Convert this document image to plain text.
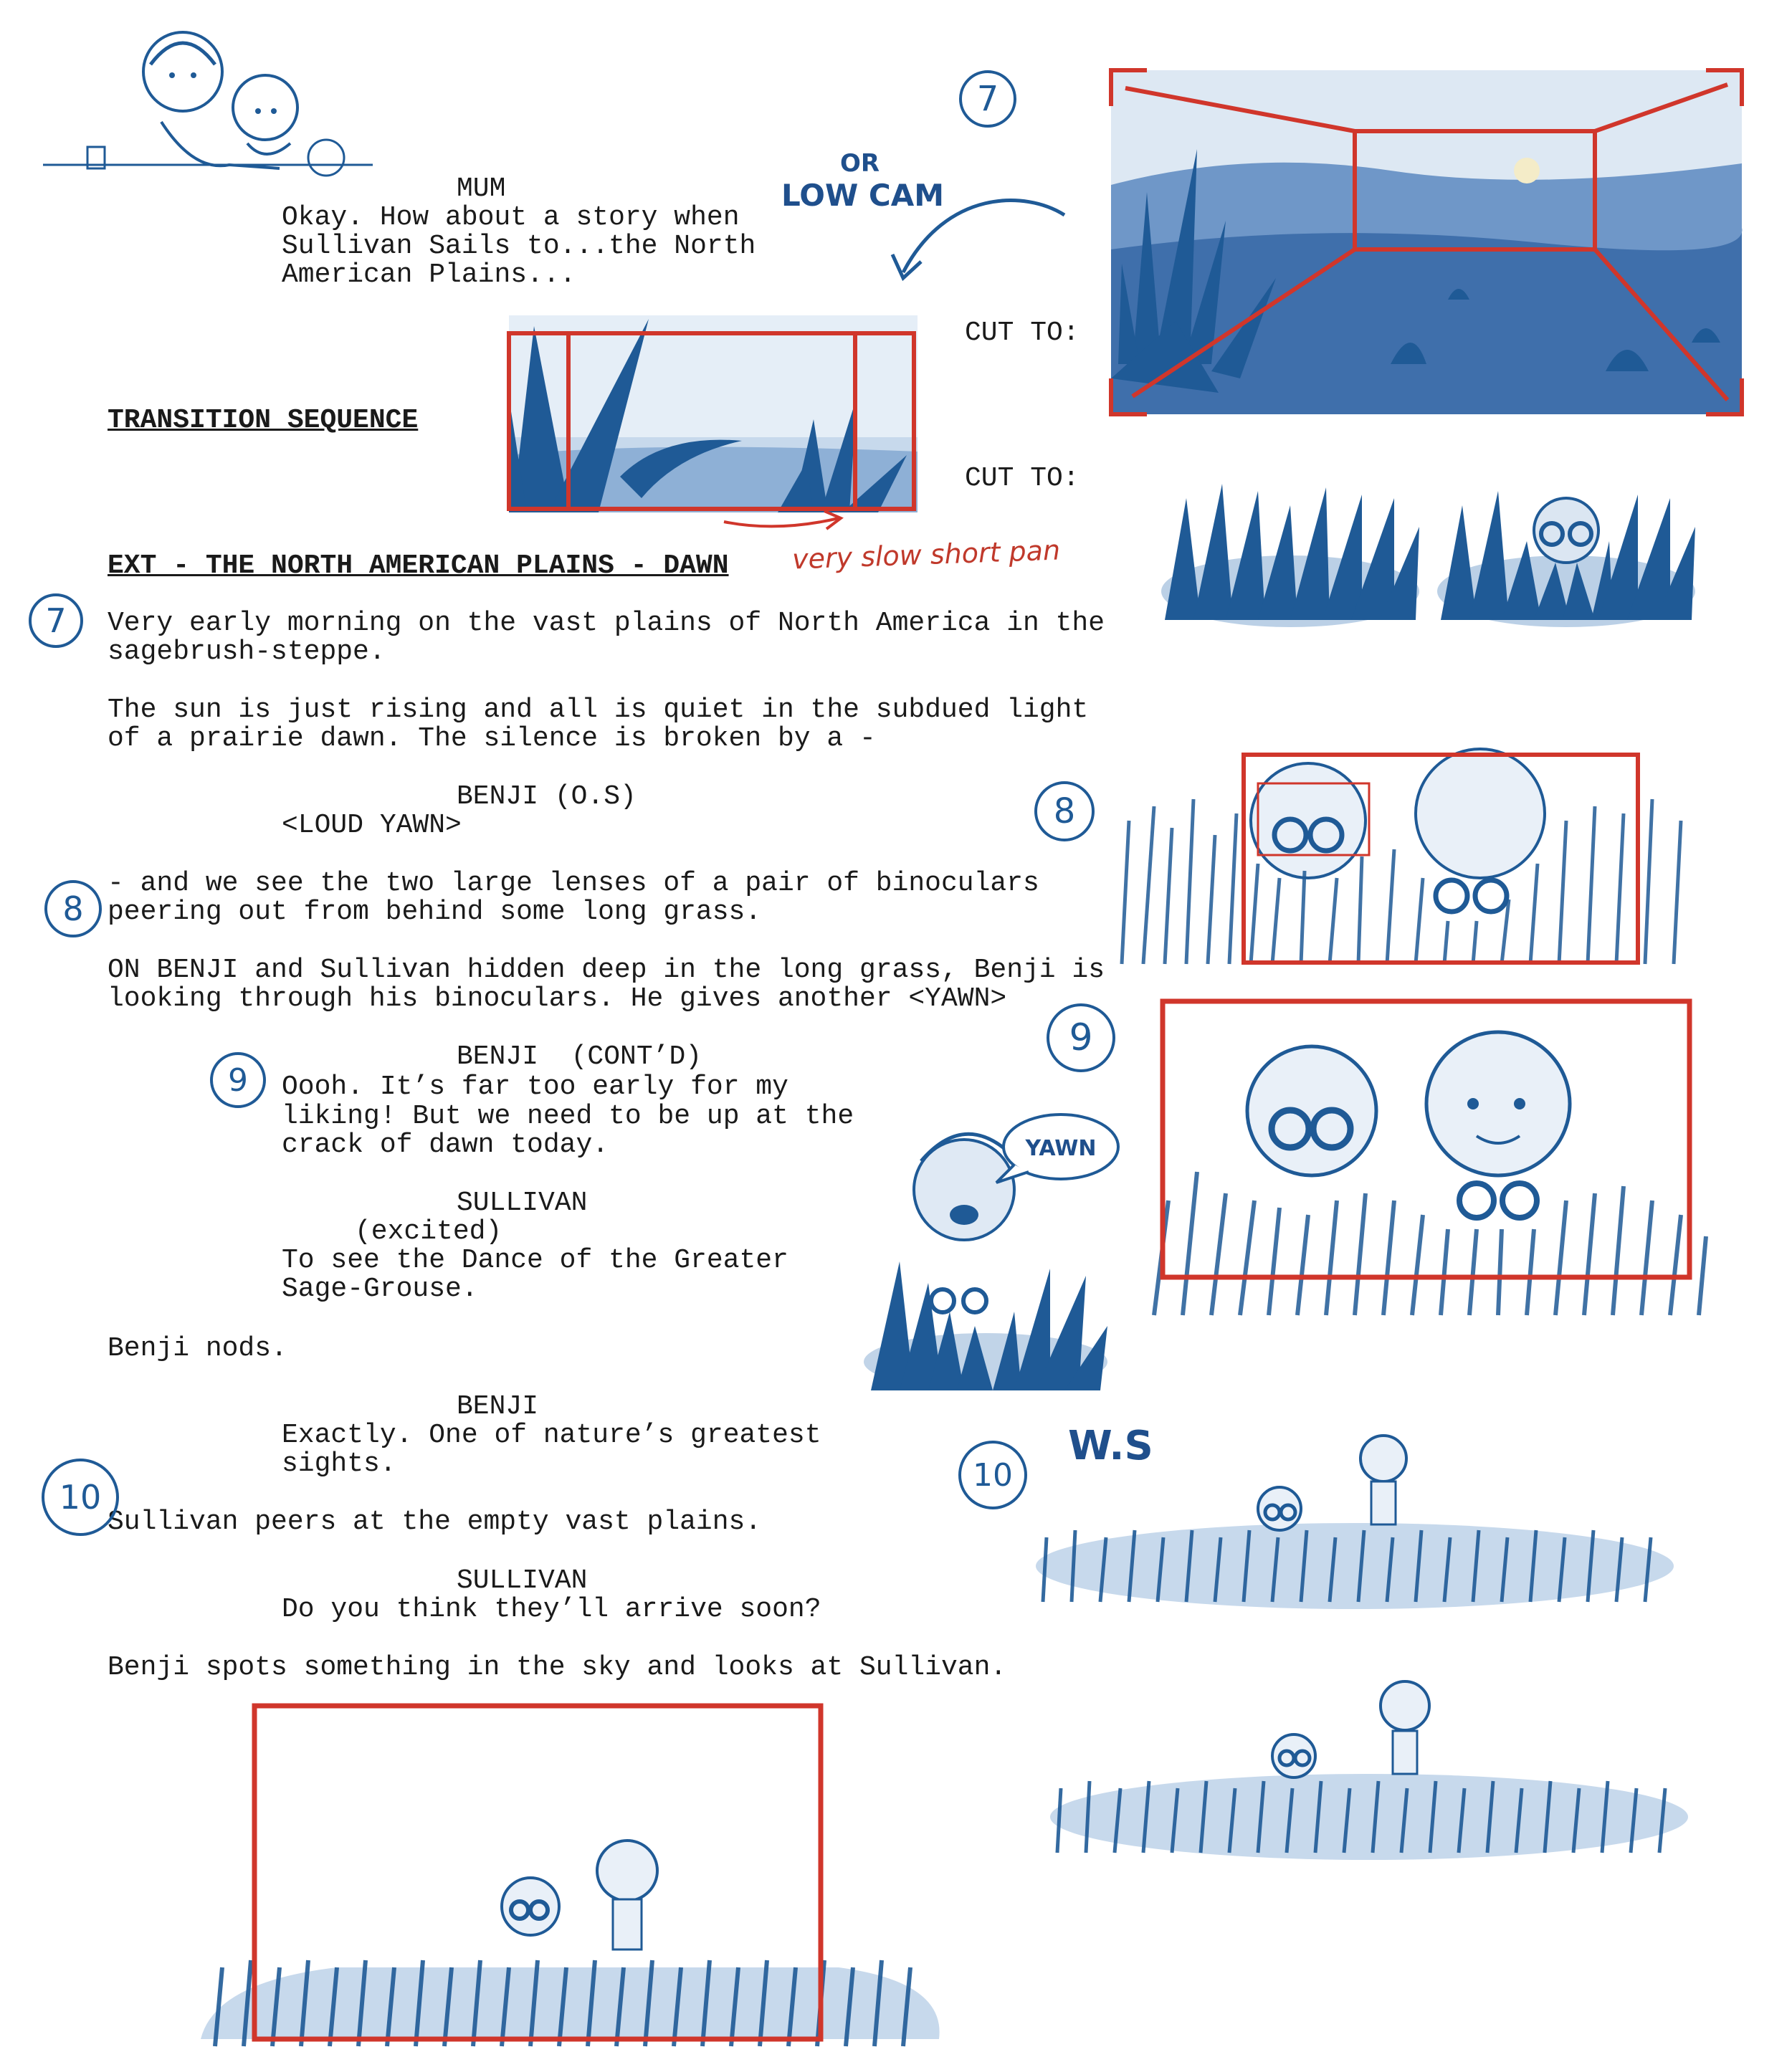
MUM
Okay. How about a story when
Sullivan Sails to...the North
American Plains...
TRANSITION SEQUENCE
EXT - THE NORTH AMERICAN PLAINS - DAWN
Very early morning on the vast plains of North America in the
sagebrush-steppe.
The sun is just rising and all is quiet in the subdued light
of a prairie dawn. The silence is broken by a -
BENJI (O.S)
<LOUD YAWN>
- and we see the two large lenses of a pair of binoculars
peering out from behind some long grass.
ON BENJI and Sullivan hidden deep in the long grass, Benji is
looking through his binoculars. He gives another <YAWN>
BENJI  (CONT’D)
Oooh. It’s far too early for my
liking! But we need to be up at the
crack of dawn today.
SULLIVAN
(excited)
To see the Dance of the Greater
Sage-Grouse.
Benji nods.
BENJI
Exactly. One of nature’s greatest
sights.
Sullivan peers at the empty vast plains.
SULLIVAN
Do you think they’ll arrive soon?
Benji spots something in the sky and looks at Sullivan.
CUT TO:
CUT TO:
OR
LOW CAM
very slow short pan
W.S
7
7
8
8
9
9
10
10
YAWN
